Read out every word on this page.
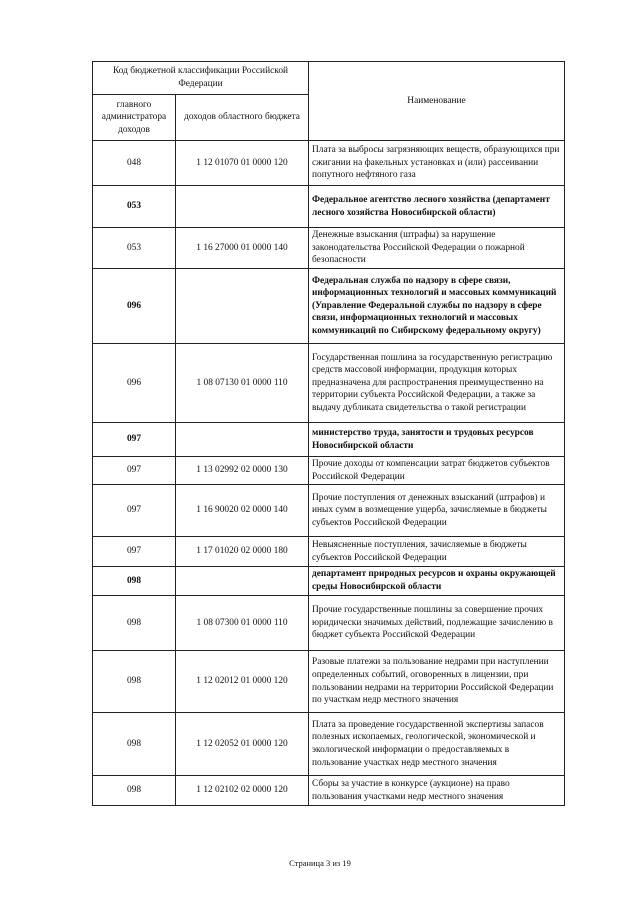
Код бюджетной классификации Российской Федерации		Наименование
главного администратора доходов	доходов областного бюджета	
048	1 12 01070 01 0000 120	Плата за выбросы загрязняющих веществ, образующихся при сжигании на факельных установках и (или) рассеивании попутного нефтяного газа
053		Федеральное агентство лесного хозяйства (департамент лесного хозяйства Новосибирской области)
053	1 16 27000 01 0000 140	Денежные взыскания (штрафы) за нарушение законодательства Российской Федерации о пожарной безопасности
096		Федеральная служба по надзору в сфере связи, информационных технологий и массовых коммуникаций (Управление Федеральной службы по надзору в сфере связи, информационных технологий и массовых коммуникаций по Сибирскому федеральному округу)
096	1 08 07130 01 0000 110	Государственная пошлина за государственную регистрацию средств массовой информации, продукция которых предназначена для распространения преимущественно на территории субъекта Российской Федерации, а также за выдачу дубликата свидетельства о такой регистрации
097		министерство труда, занятости и трудовых ресурсов Новосибирской области
097	1 13 02992 02 0000 130	Прочие доходы от компенсации затрат бюджетов субъектов Российской Федерации
097	1 16 90020 02 0000 140	Прочие поступления от денежных взысканий (штрафов) и иных сумм в возмещение ущерба, зачисляемые в бюджеты субъектов Российской Федерации
097	1 17 01020 02 0000 180	Невыясненные поступления, зачисляемые в бюджеты субъектов Российской Федерации
098		департамент природных ресурсов и охраны окружающей среды Новосибирской области
098	1 08 07300 01 0000 110	Прочие государственные пошлины за совершение прочих юридически значимых действий, подлежащие зачислению в бюджет субъекта Российской Федерации
098	1 12 02012 01 0000 120	Разовые платежи за пользование недрами при наступлении определенных событий, оговоренных в лицензии, при пользовании недрами на территории Российской Федерации по участкам недр местного значения
098	1 12 02052 01 0000 120	Плата за проведение государственной экспертизы запасов полезных ископаемых, геологической, экономической и экологической информации о предоставляемых в пользование участках недр местного значения
098	1 12 02102 02 0000 120	Сборы за участие в конкурсе (аукционе) на право пользования участками недр местного значения
Страница 3 из 19
